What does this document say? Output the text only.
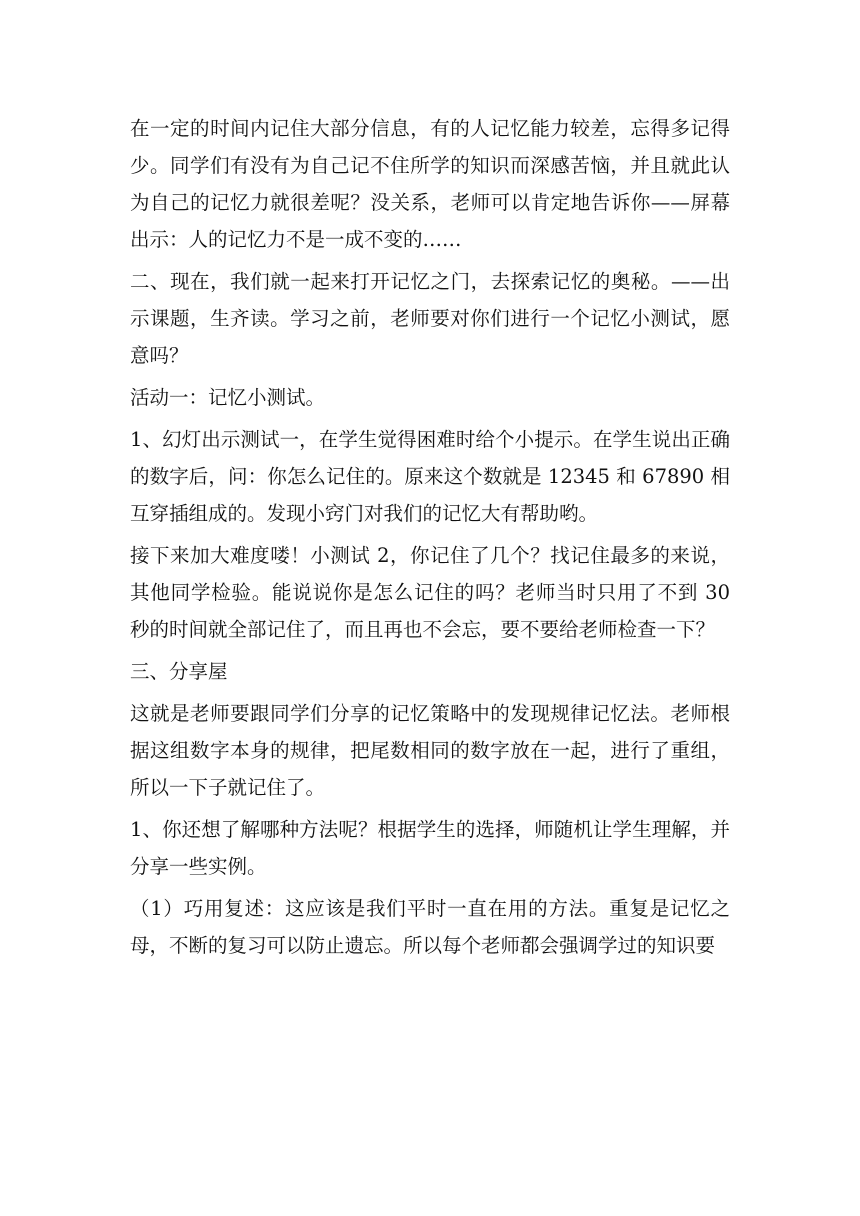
在一定的时间内记住大部分信息，有的人记忆能力较差，忘得多记得少。同学们有没有为自己记不住所学的知识而深感苦恼，并且就此认为自己的记忆力就很差呢？没关系，老师可以肯定地告诉你——屏幕出示：人的记忆力不是一成不变的……

二、现在，我们就一起来打开记忆之门，去探索记忆的奥秘。——出示课题，生齐读。学习之前，老师要对你们进行一个记忆小测试，愿意吗？

活动一：记忆小测试。

1、幻灯出示测试一，在学生觉得困难时给个小提示。在学生说出正确的数字后，问：你怎么记住的。原来这个数就是 12345 和 67890 相互穿插组成的。发现小窍门对我们的记忆大有帮助哟。

接下来加大难度喽！小测试 2，你记住了几个？找记住最多的来说，其他同学检验。能说说你是怎么记住的吗？老师当时只用了不到 30 秒的时间就全部记住了，而且再也不会忘，要不要给老师检查一下？

三、分享屋

这就是老师要跟同学们分享的记忆策略中的发现规律记忆法。老师根据这组数字本身的规律，把尾数相同的数字放在一起，进行了重组，所以一下子就记住了。

1、你还想了解哪种方法呢？根据学生的选择，师随机让学生理解，并分享一些实例。

（1）巧用复述：这应该是我们平时一直在用的方法。重复是记忆之母，不断的复习可以防止遗忘。所以每个老师都会强调学过的知识要
